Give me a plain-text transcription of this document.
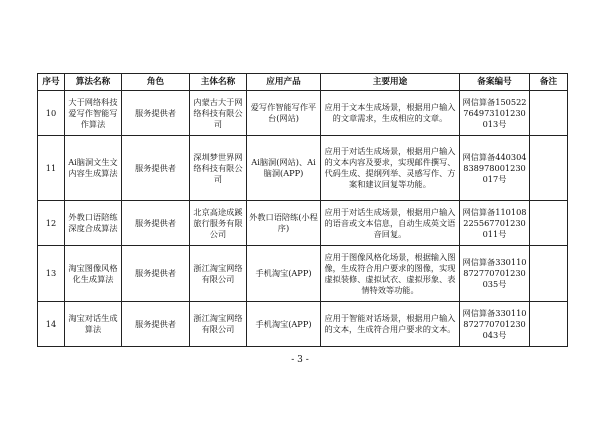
序号	算法名称	角色	主体名称	应用产品	主要用途	备案编号	备注
10	大于网络科技爱写作智能写作算法	服务提供者	内蒙古大于网络科技有限公司	爱写作智能写作平台(网站)	应用于文本生成场景，根据用户输入的文章需求，生成相应的文章。	网信算备150522764973101230013号	
11	Ai脑洞文生文内容生成算法	服务提供者	深圳梦世界网络科技有限公司	Ai脑洞(网站)、Ai脑洞(APP)	应用于对话生成场景，根据用户输入的文本内容及要求，实现邮件撰写、代码生成、提纲列举、灵感写作、方案和建议回复等功能。	网信算备440304838978001230017号	
12	外教口语陪练深度合成算法	服务提供者	北京高途成蹊旅行服务有限公司	外教口语陪练(小程序)	应用于对话生成场景，根据用户输入的语音或文本信息，自动生成英文语音回复。	网信算备110108225567701230011号	
13	淘宝图像风格化生成算法	服务提供者	浙江淘宝网络有限公司	手机淘宝(APP)	应用于图像风格化场景，根据输入图像，生成符合用户要求的图像，实现虚拟装修、虚拟试衣、虚拟形象、表情特效等功能。	网信算备330110872770701230035号	
14	淘宝对话生成算法	服务提供者	浙江淘宝网络有限公司	手机淘宝(APP)	应用于智能对话场景，根据用户输入的文本，生成符合用户要求的文本。	网信算备330110872770701230043号	
- 3 -
